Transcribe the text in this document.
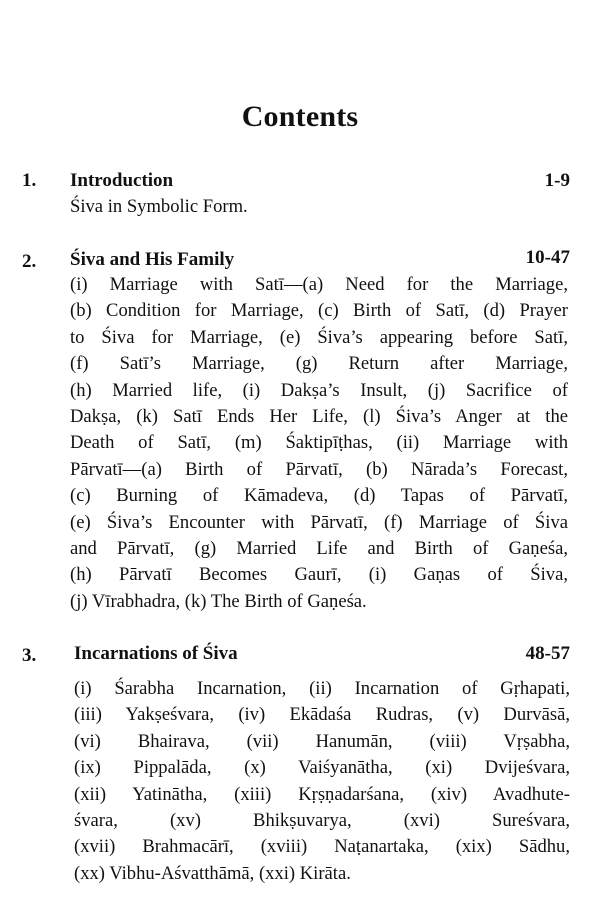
Contents
1. Introduction	1-9
Śiva in Symbolic Form.
2. Śiva and His Family	10-47
(i) Marriage with Satī—(a) Need for the Marriage,
(b) Condition for Marriage, (c) Birth of Satī, (d) Prayer
to Śiva for Marriage, (e) Śiva’s appearing before Satī,
(f) Satī’s Marriage, (g) Return after Marriage,
(h) Married life, (i) Dakṣa’s Insult, (j) Sacrifice of
Dakṣa, (k) Satī Ends Her Life, (l) Śiva’s Anger at the
Death of Satī, (m) Śaktipīṭhas, (ii) Marriage with
Pārvatī—(a) Birth of Pārvatī, (b) Nārada’s Forecast,
(c) Burning of Kāmadeva, (d) Tapas of Pārvatī,
(e) Śiva’s Encounter with Pārvatī, (f) Marriage of Śiva
and Pārvatī, (g) Married Life and Birth of Gaṇeśa,
(h) Pārvatī Becomes Gaurī, (i) Gaṇas of Śiva,
(j) Vīrabhadra, (k) The Birth of Gaṇeśa.
3. Incarnations of Śiva	48-57
(i) Śarabha Incarnation, (ii) Incarnation of Gṛhapati,
(iii) Yakṣeśvara, (iv) Ekādaśa Rudras, (v) Durvāsā,
(vi) Bhairava, (vii) Hanumān, (viii) Vṛṣabha,
(ix) Pippalāda, (x) Vaiśyanātha, (xi) Dvijeśvara,
(xii) Yatinātha, (xiii) Kṛṣṇadarśana, (xiv) Avadhute-
śvara, (xv) Bhikṣuvarya, (xvi) Sureśvara,
(xvii) Brahmacārī, (xviii) Naṭanartaka, (xix) Sādhu,
(xx) Vibhu-Aśvatthāmā, (xxi) Kirāta.
